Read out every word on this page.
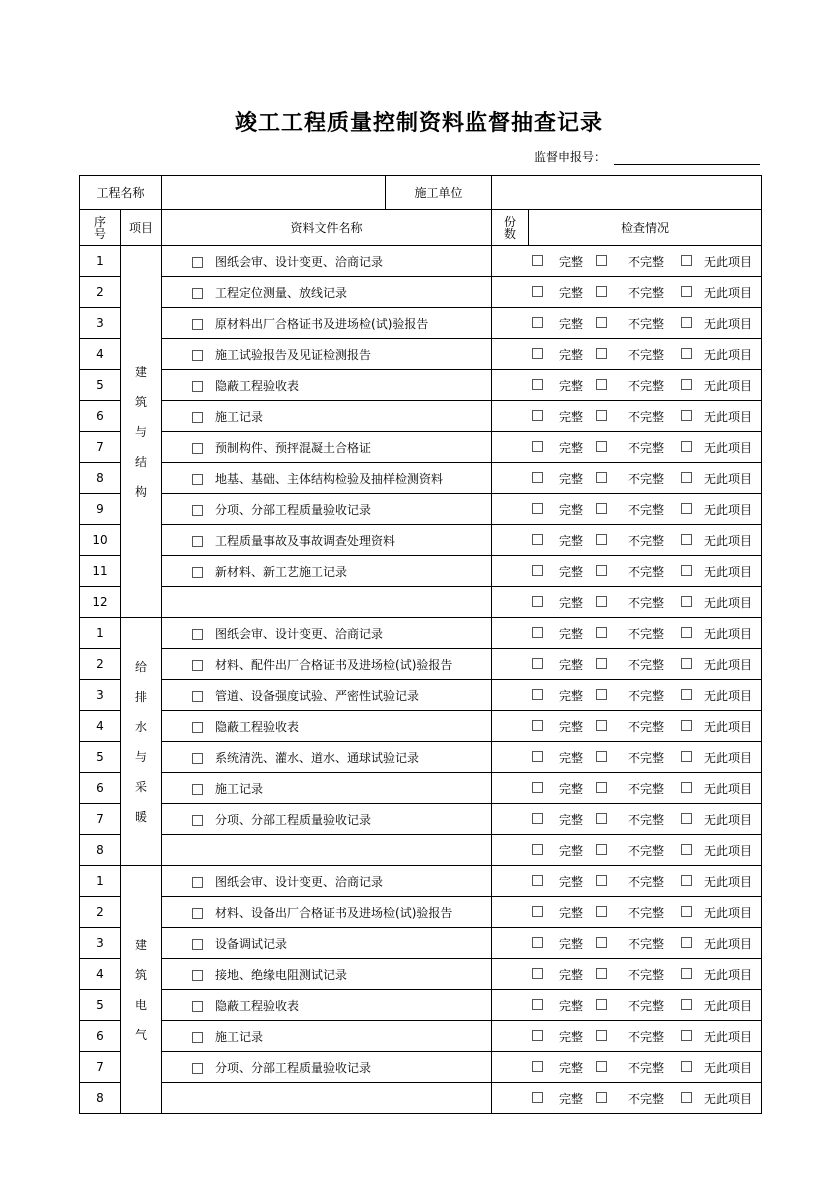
竣工工程质量控制资料监督抽查记录
监督申报号：
工程名称			施工单位		

序号	项目	资料文件名称		份数	检查情况
1	建筑与结构	图纸会审、设计变更、洽商记录		完整 不完整 无此项目	

2		工程定位测量、放线记录		完整 不完整 无此项目	

3		原材料出厂合格证书及进场检(试)验报告		完整 不完整 无此项目	

4		施工试验报告及见证检测报告		完整 不完整 无此项目	

5		隐蔽工程验收表		完整 不完整 无此项目	

6		施工记录		完整 不完整 无此项目	

7		预制构件、预抨混凝土合格证		完整 不完整 无此项目	

8		地基、基础、主体结构检验及抽样检测资料		完整 不完整 无此项目	

9		分项、分部工程质量验收记录		完整 不完整 无此项目	

10		工程质量事故及事故调查处理资料		完整 不完整 无此项目	

11		新材料、新工艺施工记录		完整 不完整 无此项目	

12				完整 不完整 无此项目	

1	给排水与采暖	图纸会审、设计变更、洽商记录		完整 不完整 无此项目	

2		材料、配件出厂合格证书及进场检(试)验报告		完整 不完整 无此项目	

3		管道、设备强度试验、严密性试验记录		完整 不完整 无此项目	

4		隐蔽工程验收表		完整 不完整 无此项目	

5		系统清洗、灌水、道水、通球试验记录		完整 不完整 无此项目	

6		施工记录		完整 不完整 无此项目	

7		分项、分部工程质量验收记录		完整 不完整 无此项目	

8				完整 不完整 无此项目	

1	建筑电气	图纸会审、设计变更、洽商记录		完整 不完整 无此项目	

2		材料、设备出厂合格证书及进场检(试)验报告		完整 不完整 无此项目	

3		设备调试记录		完整 不完整 无此项目	

4		接地、绝缘电阻测试记录		完整 不完整 无此项目	

5		隐蔽工程验收表		完整 不完整 无此项目	

6		施工记录		完整 不完整 无此项目	

7		分项、分部工程质量验收记录		完整 不完整 无此项目	

8				完整 不完整 无此项目	
